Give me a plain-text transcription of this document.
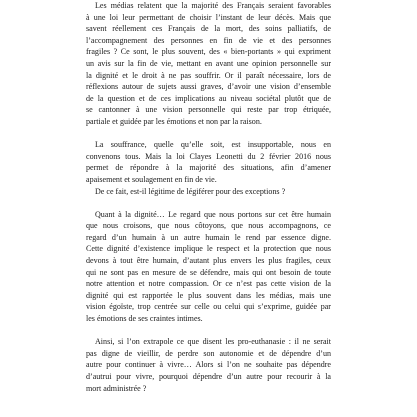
Les médias relatent que la majorité des Français seraient favorables
à une loi leur permettant de choisir l’instant de leur décès. Mais que
savent réellement ces Français de la mort, des soins palliatifs, de
l’accompagnement des personnes en fin de vie et des personnes
fragiles ? Ce sont, le plus souvent, des « bien-portants » qui expriment
un avis sur la fin de vie, mettant en avant une opinion personnelle sur
la dignité et le droit à ne pas souffrir. Or il paraît nécessaire, lors de
réflexions autour de sujets aussi graves, d’avoir une vision d’ensemble
de la question et de ces implications au niveau sociétal plutôt que de
se cantonner à une vision personnelle qui reste par trop étriquée,
partiale et guidée par les émotions et non par la raison.
La souffrance, quelle qu’elle soit, est insupportable, nous en
convenons tous. Mais la loi Clayes Leonetti du 2 février 2016 nous
permet de répondre à la majorité des situations, afin d’amener
apaisement et soulagement en fin de vie.
De ce fait, est-il légitime de légiférer pour des exceptions ?
Quant à la dignité… Le regard que nous portons sur cet être humain
que nous croisons, que nous côtoyons, que nous accompagnons, ce
regard d’un humain à un autre humain le rend par essence digne.
Cette dignité d’existence implique le respect et la protection que nous
devons à tout être humain, d’autant plus envers les plus fragiles, ceux
qui ne sont pas en mesure de se défendre, mais qui ont besoin de toute
notre attention et notre compassion. Or ce n’est pas cette vision de la
dignité qui est rapportée le plus souvent dans les médias, mais une
vision égoïste, trop centrée sur celle ou celui qui s’exprime, guidée par
les émotions de ses craintes intimes.
Ainsi, si l’on extrapole ce que disent les pro-euthanasie : il ne serait
pas digne de vieillir, de perdre son autonomie et de dépendre d’un
autre pour continuer à vivre… Alors si l’on ne souhaite pas dépendre
d’autrui pour vivre, pourquoi dépendre d’un autre pour recourir à la
mort administrée ?
